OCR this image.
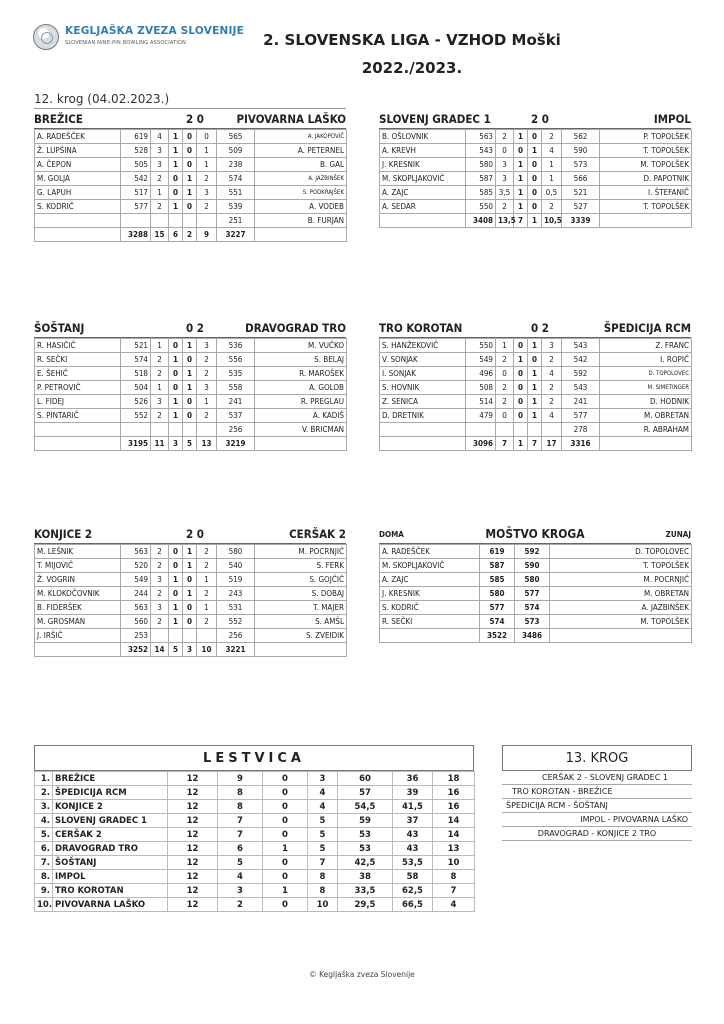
KEGLJAŠKA ZVEZA SLOVENIJE
SLOVENIAN NINE-PIN BOWLING ASSOCIATION	2. SLOVENSKA LIGA - VZHOD Moški
2022./2023.
12. krog (04.02.2023.)
BREŽICE	2 0	PIVOVARNA LAŠKO
A. RADEŠČEK	619	4	1	0	0	565	A. JAKOPOVIČ
Ž. LUPŠINA	528	3	1	0	1	509	A. PETERNEL
A. ČEPON	505	3	1	0	1	238	B. GAL
M. GOLJA	542	2	0	1	2	574	A. JAZBINŠEK
G. LAPUH	517	1	0	1	3	551	S. PODKRAJŠEK
S. KODRIČ	577	2	1	0	2	539	A. VODEB
						251	B. FURJAN
	3288	15	6	2	9	3227	
SLOVENJ GRADEC 1	2 0	IMPOL
B. OŠLOVNIK	563	2	1	0	2	562	P. TOPOLŠEK
A. KREVH	543	0	0	1	4	590	T. TOPOLŠEK
J. KRESNIK	580	3	1	0	1	573	M. TOPOLŠEK
M. SKOPLJAKOVIČ	587	3	1	0	1	566	D. PAPOTNIK
A. ZAJC	585	3,5	1	0	0,5	521	I. ŠTEFANIČ
A. SEDAR	550	2	1	0	2	527	T. TOPOLŠEK
	3408	13,5	7	1	10,5	3339	
ŠOŠTANJ	0 2	DRAVOGRAD TRO
R. HASIČIČ	521	1	0	1	3	536	M. VUČKO
R. SEČKI	574	2	1	0	2	556	S. BELAJ
E. ŠEHIČ	518	2	0	1	2	535	R. MAROŠEK
P. PETROVIČ	504	1	0	1	3	558	A. GOLOB
L. FIDEJ	526	3	1	0	1	241	R. PREGLAU
S. PINTARIČ	552	2	1	0	2	537	A. KADIŠ
						256	V. BRICMAN
	3195	11	3	5	13	3219	
TRO KOROTAN	0 2	ŠPEDICIJA RCM
S. HANŽEKOVIČ	550	1	0	1	3	543	Z. FRANC
V. SONJAK	549	2	1	0	2	542	I. ROPIČ
I. SONJAK	496	0	0	1	4	592	D. TOPOLOVEC
S. HOVNIK	508	2	0	1	2	543	M. SIMETINGER
Z. SENICA	514	2	0	1	2	241	D. HODNIK
D. DRETNIK	479	0	0	1	4	577	M. OBRETAN
						278	R. ABRAHAM
	3096	7	1	7	17	3316	
KONJICE 2	2 0	CERŠAK 2
M. LEŠNIK	563	2	0	1	2	580	M. POCRNJIČ
T. MIJOVIČ	520	2	0	1	2	540	S. FERK
Ž. VOGRIN	549	3	1	0	1	519	S. GOJČIČ
M. KLOKOČOVNIK	244	2	0	1	2	243	S. DOBAJ
B. FIDERŠEK	563	3	1	0	1	531	T. MAJER
M. GROSMAN	560	2	1	0	2	552	S. AMŠL
J. IRŠIČ	253					256	S. ZVEIDIK
	3252	14	5	3	10	3221	
DOMA	MOŠTVO KROGA	ZUNAJ
A. RADEŠČEK	619	592	D. TOPOLOVEC
M. SKOPLJAKOVIČ	587	590	T. TOPOLŠEK
A. ZAJC	585	580	M. POCRNJIČ
J. KRESNIK	580	577	M. OBRETAN
S. KODRIČ	577	574	A. JAZBINŠEK
R. SEČKI	574	573	M. TOPOLŠEK
	3522	3486	
LESTVICA
1.	BREŽICE	12	9	0	3	60	36	18
2.	ŠPEDICIJA RCM	12	8	0	4	57	39	16
3.	KONJICE 2	12	8	0	4	54,5	41,5	16
4.	SLOVENJ GRADEC 1	12	7	0	5	59	37	14
5.	CERŠAK 2	12	7	0	5	53	43	14
6.	DRAVOGRAD TRO	12	6	1	5	53	43	13
7.	ŠOŠTANJ	12	5	0	7	42,5	53,5	10
8.	IMPOL	12	4	0	8	38	58	8
9.	TRO KOROTAN	12	3	1	8	33,5	62,5	7
10.	PIVOVARNA LAŠKO	12	2	0	10	29,5	66,5	4
13. KROG
CERŠAK 2 - SLOVENJ GRADEC 1
TRO KOROTAN - BREŽICE
ŠPEDICIJA RCM - ŠOŠTANJ
IMPOL - PIVOVARNA LAŠKO
DRAVOGRAD - KONJICE 2 TRO
© Kegljaška zveza Slovenije
